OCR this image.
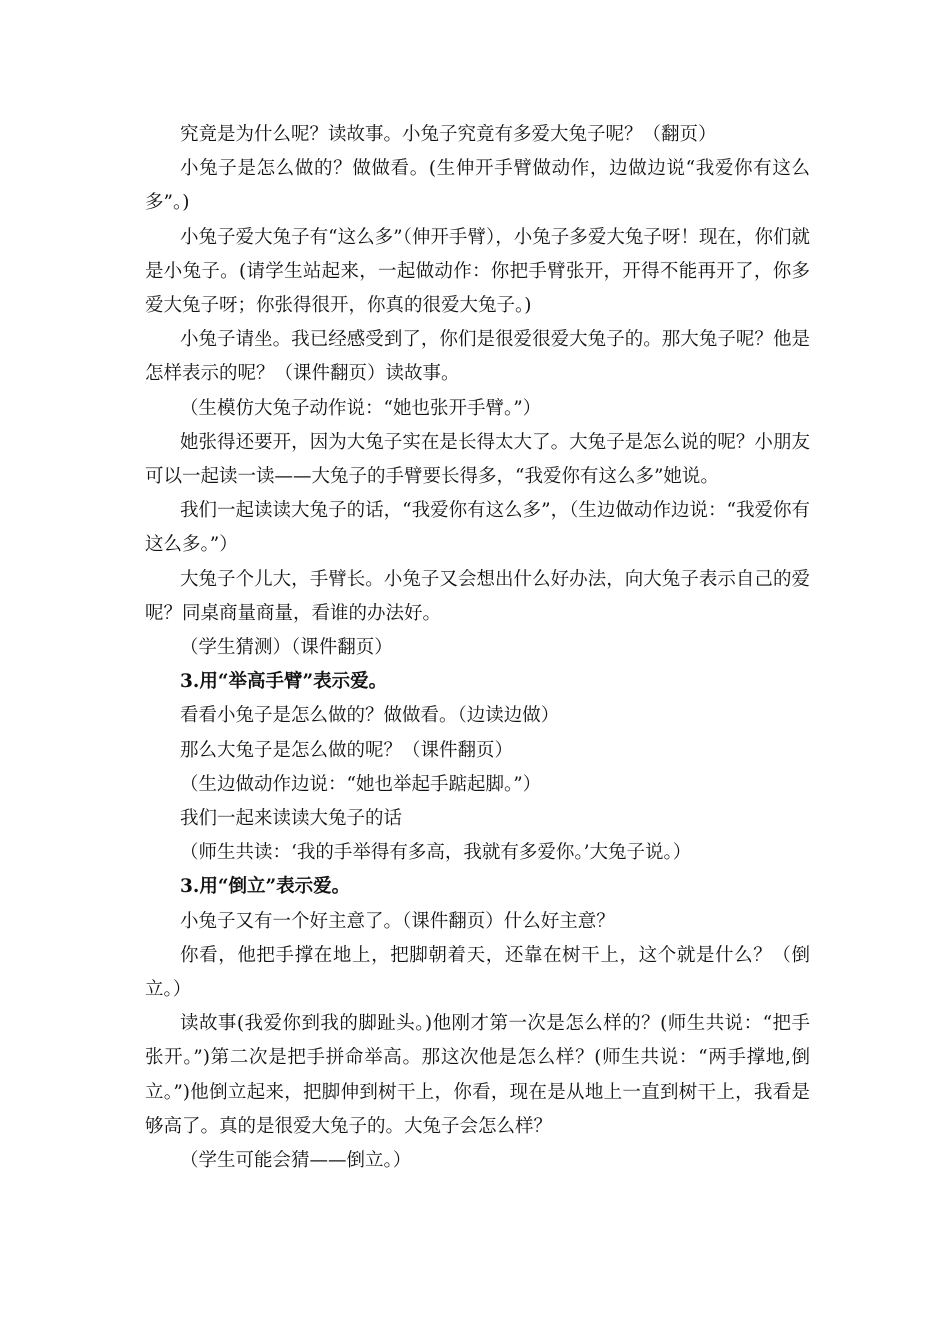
究竟是为什么呢？读故事。小兔子究竟有多爱大兔子呢？（翻页）

小兔子是怎么做的？做做看。(生伸开手臂做动作，边做边说“我爱你有这么多”。)

小兔子爱大兔子有“这么多”（伸开手臂），小兔子多爱大兔子呀！现在，你们就是小兔子。(请学生站起来，一起做动作：你把手臂张开，开得不能再开了，你多爱大兔子呀；你张得很开，你真的很爱大兔子。)

小兔子请坐。我已经感受到了，你们是很爱很爱大兔子的。那大兔子呢？他是怎样表示的呢？（课件翻页）读故事。

（生模仿大兔子动作说：“她也张开手臂。”）

她张得还要开，因为大兔子实在是长得太大了。大兔子是怎么说的呢？小朋友可以一起读一读——大兔子的手臂要长得多，“我爱你有这么多”她说。

我们一起读读大兔子的话，“我爱你有这么多”，（生边做动作边说：“我爱你有这么多。”）

大兔子个儿大，手臂长。小兔子又会想出什么好办法，向大兔子表示自己的爱呢？同桌商量商量，看谁的办法好。

（学生猜测）（课件翻页）

3.用“举高手臂”表示爱。

看看小兔子是怎么做的？做做看。（边读边做）

那么大兔子是怎么做的呢？（课件翻页）

（生边做动作边说：“她也举起手踮起脚。”）

我们一起来读读大兔子的话

（师生共读：‘我的手举得有多高，我就有多爱你。’大兔子说。）

3.用“倒立”表示爱。

小兔子又有一个好主意了。（课件翻页）什么好主意？

你看，他把手撑在地上，把脚朝着天，还靠在树干上，这个就是什么？（倒立。）

读故事(我爱你到我的脚趾头。)他刚才第一次是怎么样的？(师生共说：“把手张开。”)第二次是把手拼命举高。那这次他是怎么样？(师生共说：“两手撑地,倒立。”)他倒立起来，把脚伸到树干上，你看，现在是从地上一直到树干上，我看是够高了。真的是很爱大兔子的。大兔子会怎么样？

（学生可能会猜——倒立。）
